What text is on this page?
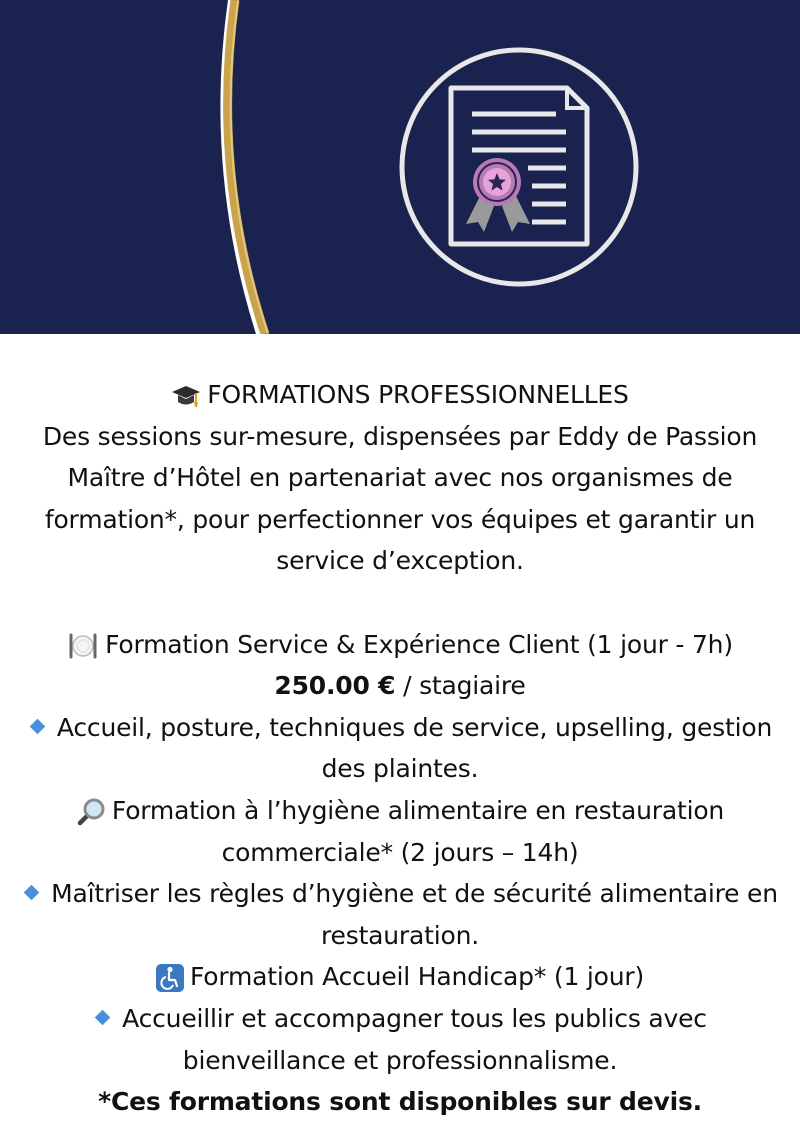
FORMATIONS PROFESSIONNELLES
Des sessions sur-mesure, dispensées par Eddy de Passion
Maître d’Hôtel en partenariat avec nos organismes de
formation*, pour perfectionner vos équipes et garantir un
service d’exception.
Formation Service & Expérience Client (1 jour - 7h)
250.00 € / stagiaire
Accueil, posture, techniques de service, upselling, gestion
des plaintes.
Formation à l’hygiène alimentaire en restauration
commerciale* (2 jours – 14h)
Maîtriser les règles d’hygiène et de sécurité alimentaire en
restauration.
Formation Accueil Handicap* (1 jour)
Accueillir et accompagner tous les publics avec
bienveillance et professionnalisme.
*Ces formations sont disponibles sur devis.
